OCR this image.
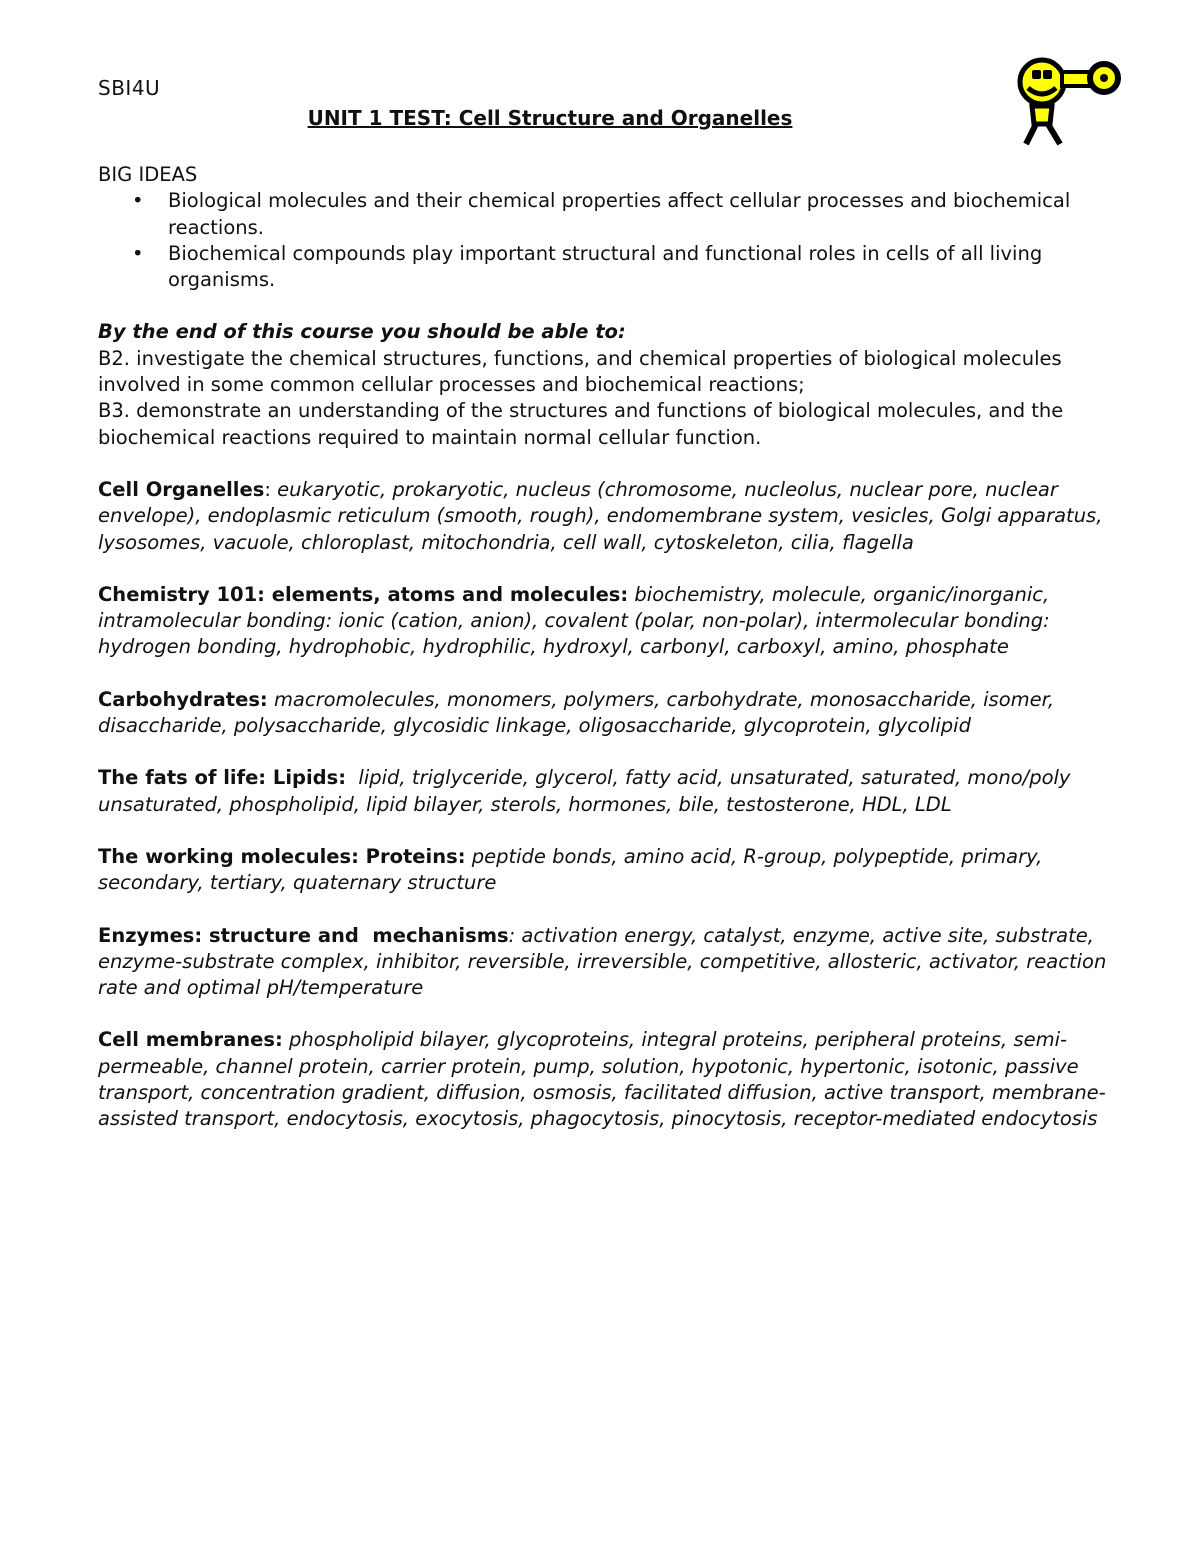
SBI4U
UNIT 1 TEST: Cell Structure and Organelles

BIG IDEAS

• Biological molecules and their chemical properties affect cellular processes and biochemical reactions.
• Biochemical compounds play important structural and functional roles in cells of all living organisms.

By the end of this course you should be able to:

B2. investigate the chemical structures, functions, and chemical properties of biological molecules involved in some common cellular processes and biochemical reactions;

B3. demonstrate an understanding of the structures and functions of biological molecules, and the biochemical reactions required to maintain normal cellular function.

Cell Organelles: eukaryotic, prokaryotic, nucleus (chromosome, nucleolus, nuclear pore, nuclear envelope), endoplasmic reticulum (smooth, rough), endomembrane system, vesicles, Golgi apparatus, lysosomes, vacuole, chloroplast, mitochondria, cell wall, cytoskeleton, cilia, flagella

Chemistry 101: elements, atoms and molecules: biochemistry, molecule, organic/inorganic, intramolecular bonding: ionic (cation, anion), covalent (polar, non-polar), intermolecular bonding: hydrogen bonding, hydrophobic, hydrophilic, hydroxyl, carbonyl, carboxyl, amino, phosphate

Carbohydrates: macromolecules, monomers, polymers, carbohydrate, monosaccharide, isomer, disaccharide, polysaccharide, glycosidic linkage, oligosaccharide, glycoprotein, glycolipid

The fats of life: Lipids: lipid, triglyceride, glycerol, fatty acid, unsaturated, saturated, mono/poly unsaturated, phospholipid, lipid bilayer, sterols, hormones, bile, testosterone, HDL, LDL

The working molecules: Proteins: peptide bonds, amino acid, R-group, polypeptide, primary, secondary, tertiary, quaternary structure

Enzymes: structure and  mechanisms: activation energy, catalyst, enzyme, active site, substrate, enzyme-substrate complex, inhibitor, reversible, irreversible, competitive, allosteric, activator, reaction rate and optimal pH/temperature

Cell membranes: phospholipid bilayer, glycoproteins, integral proteins, peripheral proteins, semi-permeable, channel protein, carrier protein, pump, solution, hypotonic, hypertonic, isotonic, passive transport, concentration gradient, diffusion, osmosis, facilitated diffusion, active transport, membrane-assisted transport, endocytosis, exocytosis, phagocytosis, pinocytosis, receptor-mediated endocytosis
